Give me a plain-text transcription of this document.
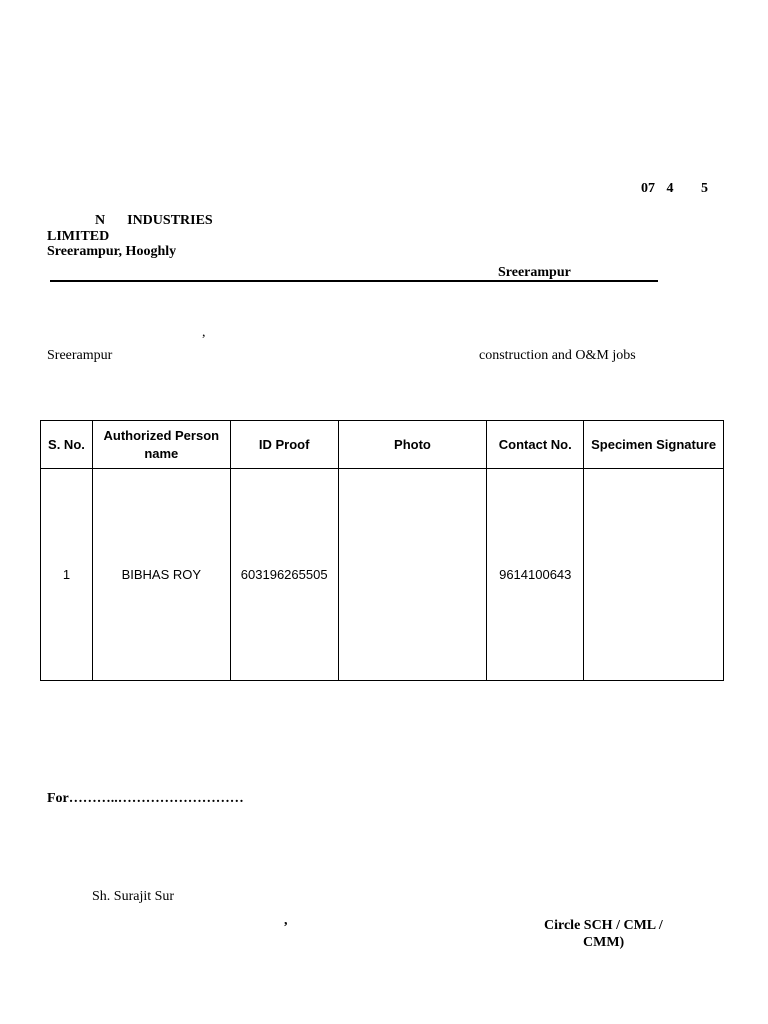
07 4 5
N INDUSTRIES
LIMITED
Sreerampur, Hooghly
Sreerampur
,
Sreerampur	construction and O&M jobs
S. No.	Authorized Person name	ID Proof	Photo	Contact No.	Specimen Signature
1	BIBHAS ROY	603196265505		9614100643	
For………..………………………
Sh. Surajit Sur
,	Circle SCH / CML /
CMM)
